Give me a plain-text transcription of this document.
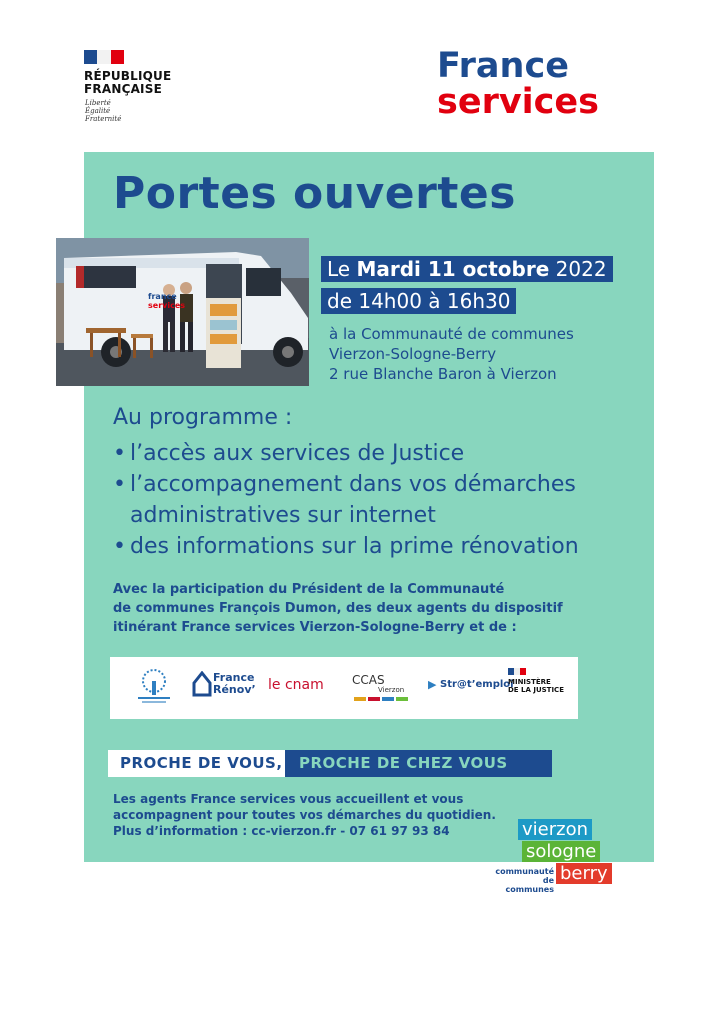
RÉPUBLIQUE
FRANÇAISE
Liberté
Égalité
Fraternité
France
services
Portes ouvertes
france
services
Le Mardi 11 octobre 2022
de 14h00 à 16h30
à la Communauté de communes
Vierzon-Sologne-Berry
2 rue Blanche Baron à Vierzon
Au programme :
• l’accès aux services de Justice
• l’accompagnement dans vos démarches administratives sur internet
• des informations sur la prime rénovation
Avec la participation du Président de la Communauté
de communes François Dumon, des deux agents du dispositif
itinérant France services Vierzon-Sologne-Berry et de :
France
Rénov’ le cnam CCAS
Vierzon ▶ Str@t’emploi
MINISTÈRE
DE LA JUSTICE
PROCHE DE VOUS,	PROCHE DE CHEZ VOUS
Les agents France services vous accueillent et vous
accompagnent pour toutes vos démarches du quotidien.
Plus d’information : cc-vierzon.fr - 07 61 97 93 84	vierzon
sologne
berry
communauté
de communes
